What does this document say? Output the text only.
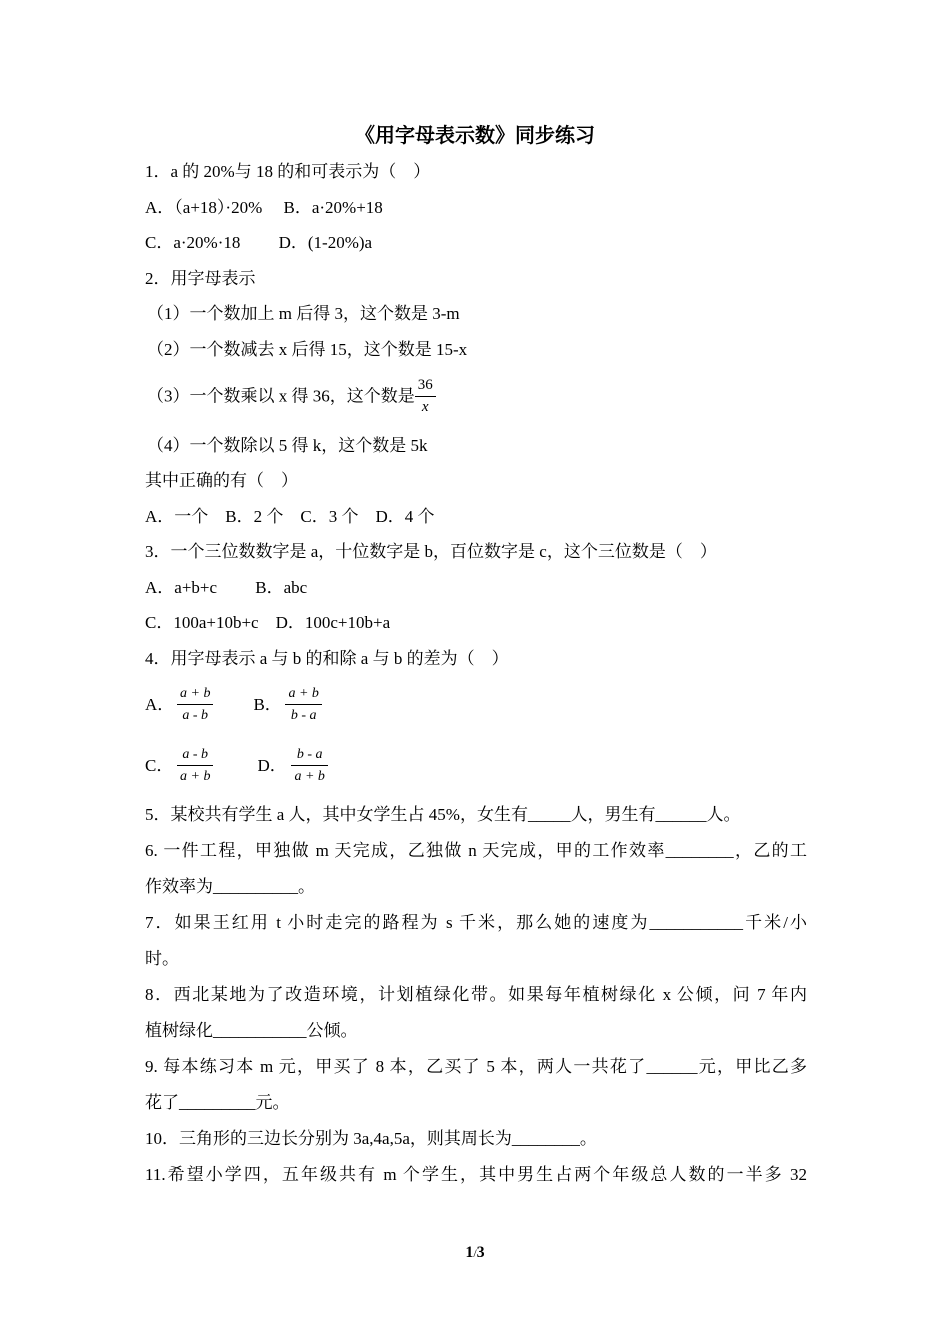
《用字母表示数》同步练习
1．a 的 20%与 18 的和可表示为（　）
A．（a+18）·20%　 B．a·20%+18
C．a·20%·18　　 D．(1-20%)a
2．用字母表示
（1）一个数加上 m 后得 3，这个数是 3-m
（2）一个数减去 x 后得 15，这个数是 15-x
（3）一个数乘以 x 得 36，这个数是 $\frac{36}{x}$
（4）一个数除以 5 得 k，这个数是 5k
其中正确的有（　）
A．一个　B．2 个　C．3 个　D．4 个
3．一个三位数数字是 a，十位数字是 b，百位数字是 c，这个三位数是（　）
A．a+b+c　　 B．abc
C．100a+10b+c　D．100c+10b+a
4．用字母表示 a 与 b 的和除 a 与 b 的差为（　）
A． $\frac{a + b}{a - b}$ B． $\frac{a + b}{b - a}$
C． $\frac{a - b}{a + b}$	D． $\frac{b - a}{a + b}$
5．某校共有学生 a 人，其中女学生占 45%，女生有_____人，男生有______人。
6. 一件工程，甲独做 m 天完成，乙独做 n 天完成，甲的工作效率________，乙的工
作效率为__________。
7．如果王红用 t 小时走完的路程为 s 千米，那么她的速度为___________千米/小
时。
8．西北某地为了改造环境，计划植绿化带。如果每年植树绿化 x 公倾，问 7 年内
植树绿化___________公倾。
9. 每本练习本 m 元，甲买了 8 本，乙买了 5 本，两人一共花了______元，甲比乙多
花了_________元。
10．三角形的三边长分别为 3a,4a,5a，则其周长为________。
11.希望小学四，五年级共有 m 个学生，其中男生占两个年级总人数的一半多 32
1/3
